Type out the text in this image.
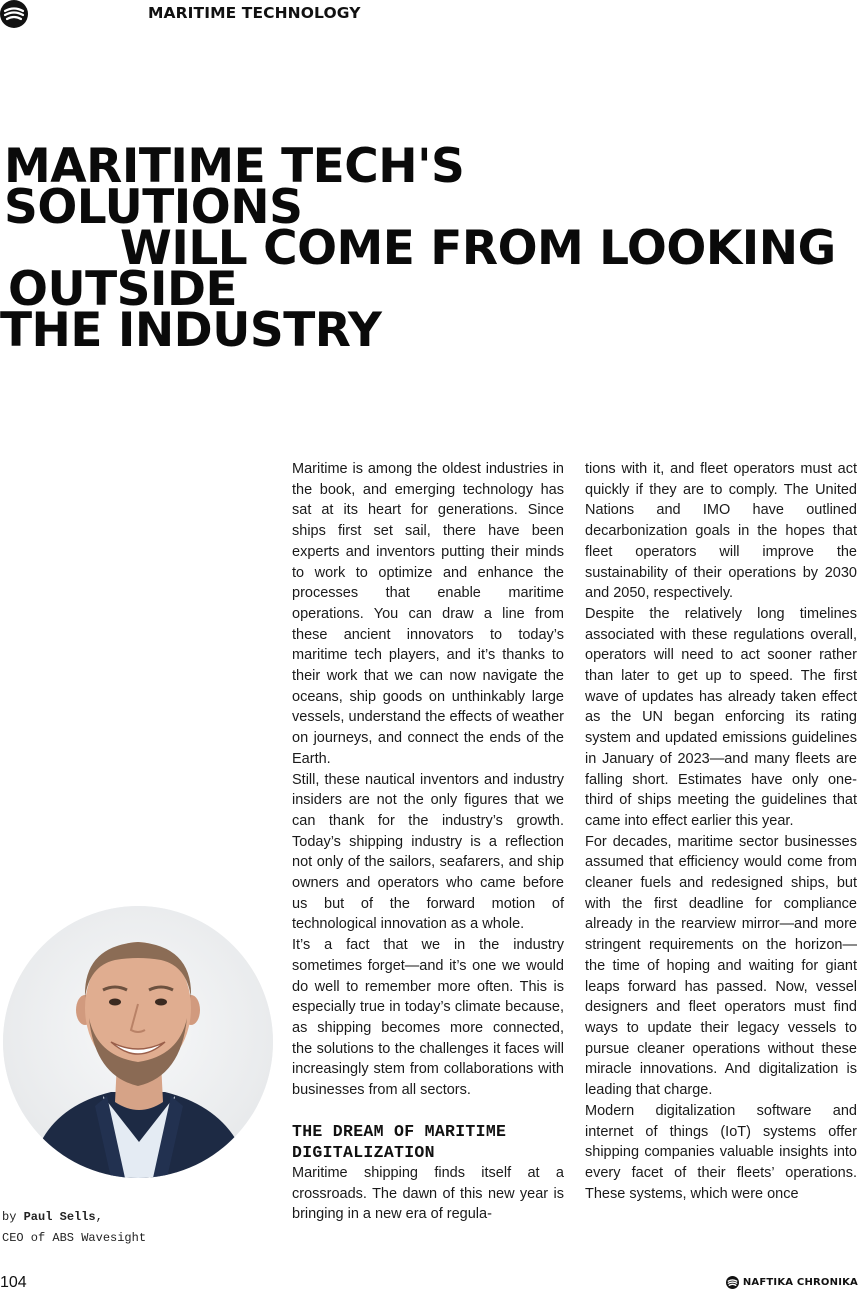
MARITIME TECHNOLOGY
MARITIME TECH'S
SOLUTIONS
WILL COME FROM LOOKING
OUTSIDE
THE INDUSTRY
by Paul Sells,
CEO of ABS Wavesight

Maritime is among the oldest industries in the book, and emerging technology has sat at its heart for generations. Since ships first set sail, there have been experts and inventors putting their minds to work to optimize and enhance the processes that enable maritime operations. You can draw a line from these ancient innovators to today’s maritime tech players, and it’s thanks to their work that we can now navigate the oceans, ship goods on unthinkably large vessels, understand the effects of weather on journeys, and connect the ends of the Earth.

Still, these nautical inventors and industry insiders are not the only figures that we can thank for the industry’s growth. Today’s shipping industry is a reflection not only of the sailors, seafarers, and ship owners and operators who came before us but of the forward motion of technological innovation as a whole.

It’s a fact that we in the industry sometimes forget—and it’s one we would do well to remember more often. This is especially true in today’s climate because, as shipping becomes more connected, the solutions to the challenges it faces will increasingly stem from collaborations with businesses from all sectors.

THE DREAM OF MARITIME DIGITALIZATION

Maritime shipping finds itself at a crossroads. The dawn of this new year is bringing in a new era of regula-

tions with it, and fleet operators must act quickly if they are to comply. The United Nations and IMO have outlined decarbonization goals in the hopes that fleet operators will improve the sustainability of their operations by 2030 and 2050, respectively.

Despite the relatively long timelines associated with these regulations overall, operators will need to act sooner rather than later to get up to speed. The first wave of updates has already taken effect as the UN began enforcing its rating system and updated emissions guidelines in January of 2023—and many fleets are falling short. Estimates have only one-third of ships meeting the guidelines that came into effect earlier this year.

For decades, maritime sector businesses assumed that efficiency would come from cleaner fuels and redesigned ships, but with the first deadline for compliance already in the rearview mirror—and more stringent requirements on the horizon—the time of hoping and waiting for giant leaps forward has passed. Now, vessel designers and fleet operators must find ways to update their legacy vessels to pursue cleaner operations without these miracle innovations. And digitalization is leading that charge.

Modern digitalization software and internet of things (IoT) systems offer shipping companies valuable insights into every facet of their fleets’ operations. These systems, which were once

104	NAFTIKA CHRONIKA
